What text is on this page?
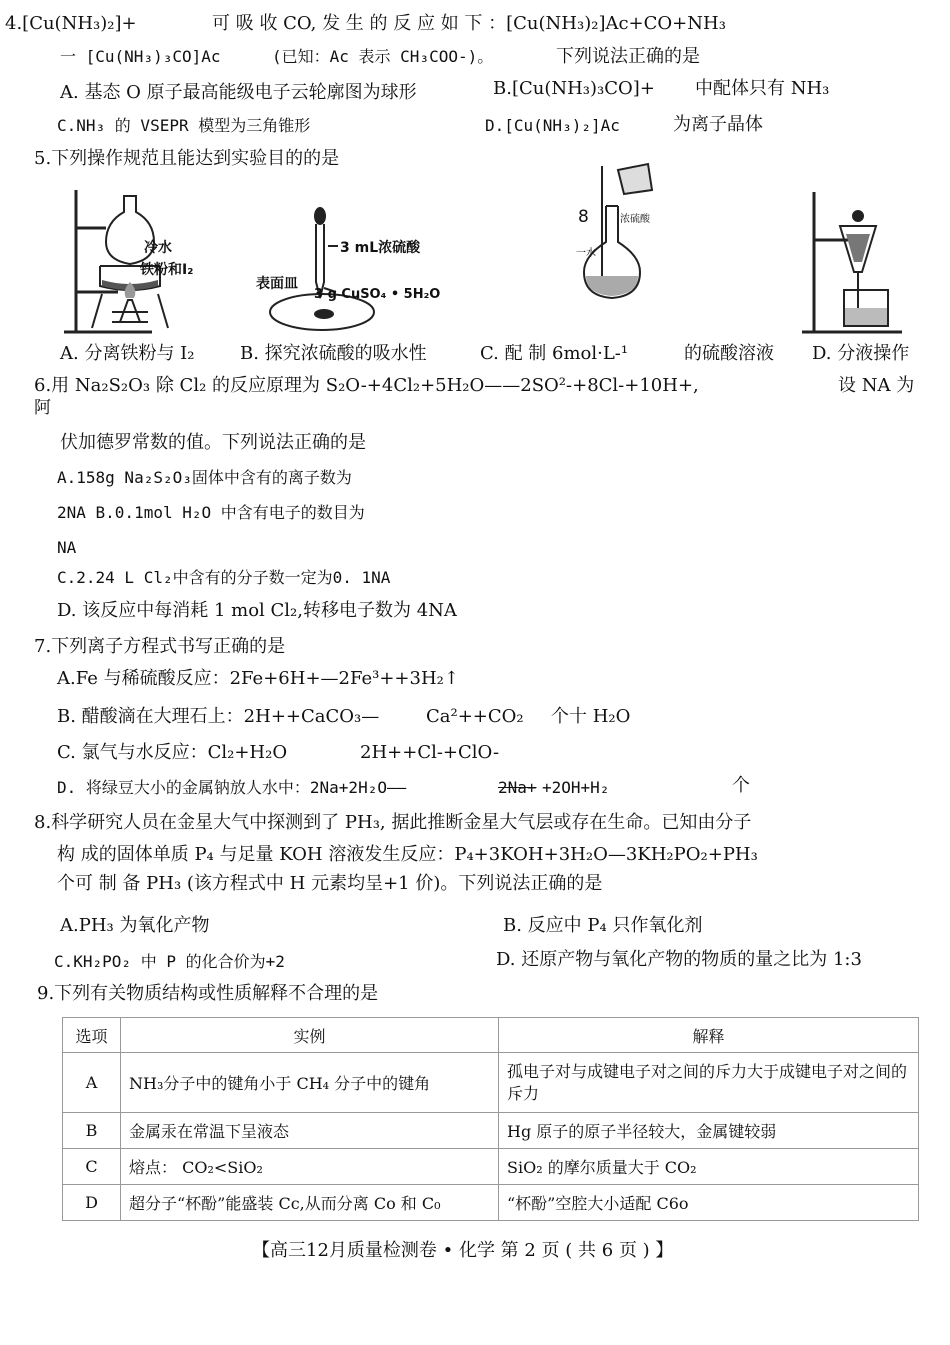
4.[Cu(NH₃)₂]+	可 吸 收 CO, 发 生 的 反 应 如 下 ：[Cu(NH₃)₂]Ac+CO+NH₃
一 [Cu(NH₃)₃CO]Ac	(已知：Ac 表示 CH₃COO-)。	下列说法正确的是
A. 基态 O 原子最高能级电子云轮廓图为球形	B.[Cu(NH₃)₃CO]+ 中配体只有 NH₃
C.NH₃ 的 VSEPR 模型为三角锥形	D.[Cu(NH₃)₂]Ac	为离子晶体
5.下列操作规范且能达到实验目的的是
冷水
铁粉和I₂
3 mL浓硫酸
表面皿
3 g CuSO₄ • 5H₂O
8	浓硫酸
一水
A. 分离铁粉与 I₂	B. 探究浓硫酸的吸水性	C. 配 制 6mol·L-¹	的硫酸溶液 D. 分液操作
6.用 Na₂S₂O₃ 除 Cl₂ 的反应原理为 S₂O-+4Cl₂+5H₂O——2SO²-+8Cl-+10H+,	设 NA 为
阿
伏加德罗常数的值。下列说法正确的是
A.158g Na₂S₂O₃固体中含有的离子数为
2NA B.0.1mol H₂O 中含有电子的数目为
NA
C.2.24 L Cl₂中含有的分子数一定为0. 1NA
D. 该反应中每消耗 1 mol Cl₂,转移电子数为 4NA
7.下列离子方程式书写正确的是
A.Fe 与稀硫酸反应：2Fe+6H+—2Fe³++3H₂↑
B. 醋酸滴在大理石上：2H++CaCO₃—	Ca²++CO₂ 个十 H₂O
C. 氯气与水反应：Cl₂+H₂O	2H++Cl-+ClO-
D. 将绿豆大小的金属钠放人水中：2Na+2H₂O——	2Na+ +2OH+H₂	个
8.科学研究人员在金星大气中探测到了 PH₃, 据此推断金星大气层或存在生命。已知由分子
构 成的固体单质 P₄ 与足量 KOH 溶液发生反应：P₄+3KOH+3H₂O—3KH₂PO₂+PH₃
个可 制 备 PH₃ (该方程式中 H 元素均呈+1 价)。下列说法正确的是
A.PH₃ 为氧化产物	B. 反应中 P₄ 只作氧化剂
C.KH₂PO₂ 中 P 的化合价为+2	D. 还原产物与氧化产物的物质的量之比为 1:3
9.下列有关物质结构或性质解释不合理的是
选项	实例	解释
A	NH₃分子中的键角小于 CH₄ 分子中的键角	孤电子对与成键电子对之间的斥力大于成键电子对之间的斥力
B	金属汞在常温下呈液态	Hg 原子的原子半径较大，金属键较弱
C	熔点： CO₂<SiO₂	SiO₂ 的摩尔质量大于 CO₂
D	超分子“杯酚”能盛装 Cc,从而分离 Co 和 C₀	“杯酚”空腔大小适配 C6o
【高三12月质量检测卷 • 化学 第 2 页 ( 共 6 页 ) 】
